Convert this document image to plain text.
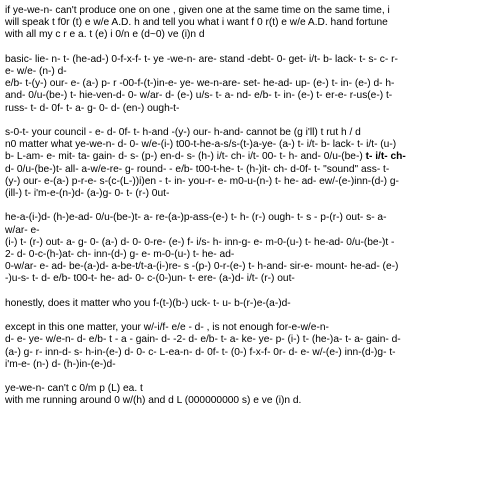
if ye-we-n- can't produce one on one , given one at the same time on the same time, i
will speak t f0r (t) e w/e A.D. h and tell you what i want f 0 r(t) e w/e A.D. hand fortune
with all my c r e a. t (e) i 0/n e (d~0) ve (i)n d
basic- lie- n- t- (he-ad-) 0-f-x-f- t- ye -we-n- are- stand -debt- 0- get- i/t- b- lack- t- s- c- r-
e- w/e- (n-) d-
e/b- t-(y-) our- e- (a-) p- r -00-f-(t-)in-e- ye- we-n-are- set- he-ad- up- (e-) t- in- (e-) d- h-
and- 0/u-(be-) t- hie-ven-d- 0- w/ar- d- (e-) u/s- t- a- nd- e/b- t- in- (e-) t- er-e- r-us(e-) t-
russ- t- d- 0f- t- a- g- 0- d- (en-) ough-t-
s-0-t- your council - e- d- 0f- t- h-and -(y-) our- h-and- cannot be (g i'll) t rut h / d
n0 matter what ye-we-n- d- 0- w/e-(i-) t00-t-he-a-s/s-(t-)a-ye- (a-) t- i/t- b- lack- t- i/t- (u-)
b- L-am- e- mit- ta- gain- d- s- (p-) en-d- s- (h-) i/t- ch- i/t- 00- t- h- and- 0/u-(be-) t- i/t- ch-
d- 0/u-(be-)t- all- a-w/e-re- g- round- - e/b- t00-t-he- t- (h-)it- ch- d-0f- t- "sound" ass- t-
(y-) our- e-(a-) p-r-e- s-(c-(L-))i)en - t- in- you-r- e- m0-u-(n-) t- he- ad- ew/-(e-)inn-(d-) g-
(ill-) t- i'm-e-(n-)d- (a-)g- 0- t- (r-) 0ut-
he-a-(i-)d- (h-)e-ad- 0/u-(be-)t- a- re-(a-)p-ass-(e-) t- h- (r-) ough- t- s - p-(r-) out- s- a-
w/ar- e-
(i-) t- (r-) out- a- g- 0- (a-) d- 0- 0-re- (e-) f- i/s- h- inn-g- e- m-0-(u-) t- he-ad- 0/u-(be-)t -
2- d- 0-c-(h-)at- ch- inn-(d-) g- e- m-0-(u-) t- he- ad-
0-w/ar- e- ad- be-(a-)d- a-be-t/t-a-(i-)re- s -(p-) 0-r-(e-) t- h-and- sir-e- mount- he-ad- (e-)
-)u-s- t- d- e/b- t00-t- he- ad- 0- c-(0-)un- t- ere- (a-)d- i/t- (r-) out-
honestly, does it matter who you f-(t-)(b-) uck- t- u- b-(r-)e-(a-)d-
except in this one matter, your w/-i/f- e/e - d- , is not enough for-e-w/e-n-
d- e- ye- w/e-n- d- e/b- t - a - gain- d- -2- d- e/b- t- a- ke- ye- p- (i-) t- (he-)a- t- a- gain- d-
(a-) g- r- inn-d- s- h-in-(e-) d- 0- c- L-ea-n- d- 0f- t- (0-) f-x-f- 0r- d- e- w/-(e-) inn-(d-)g- t-
i'm-e- (n-) d- (h-)in-(e-)d-
ye-we-n- can't c 0/m p (L) ea. t
with me running around 0 w/(h) and d L (000000000 s) e ve (i)n d.
